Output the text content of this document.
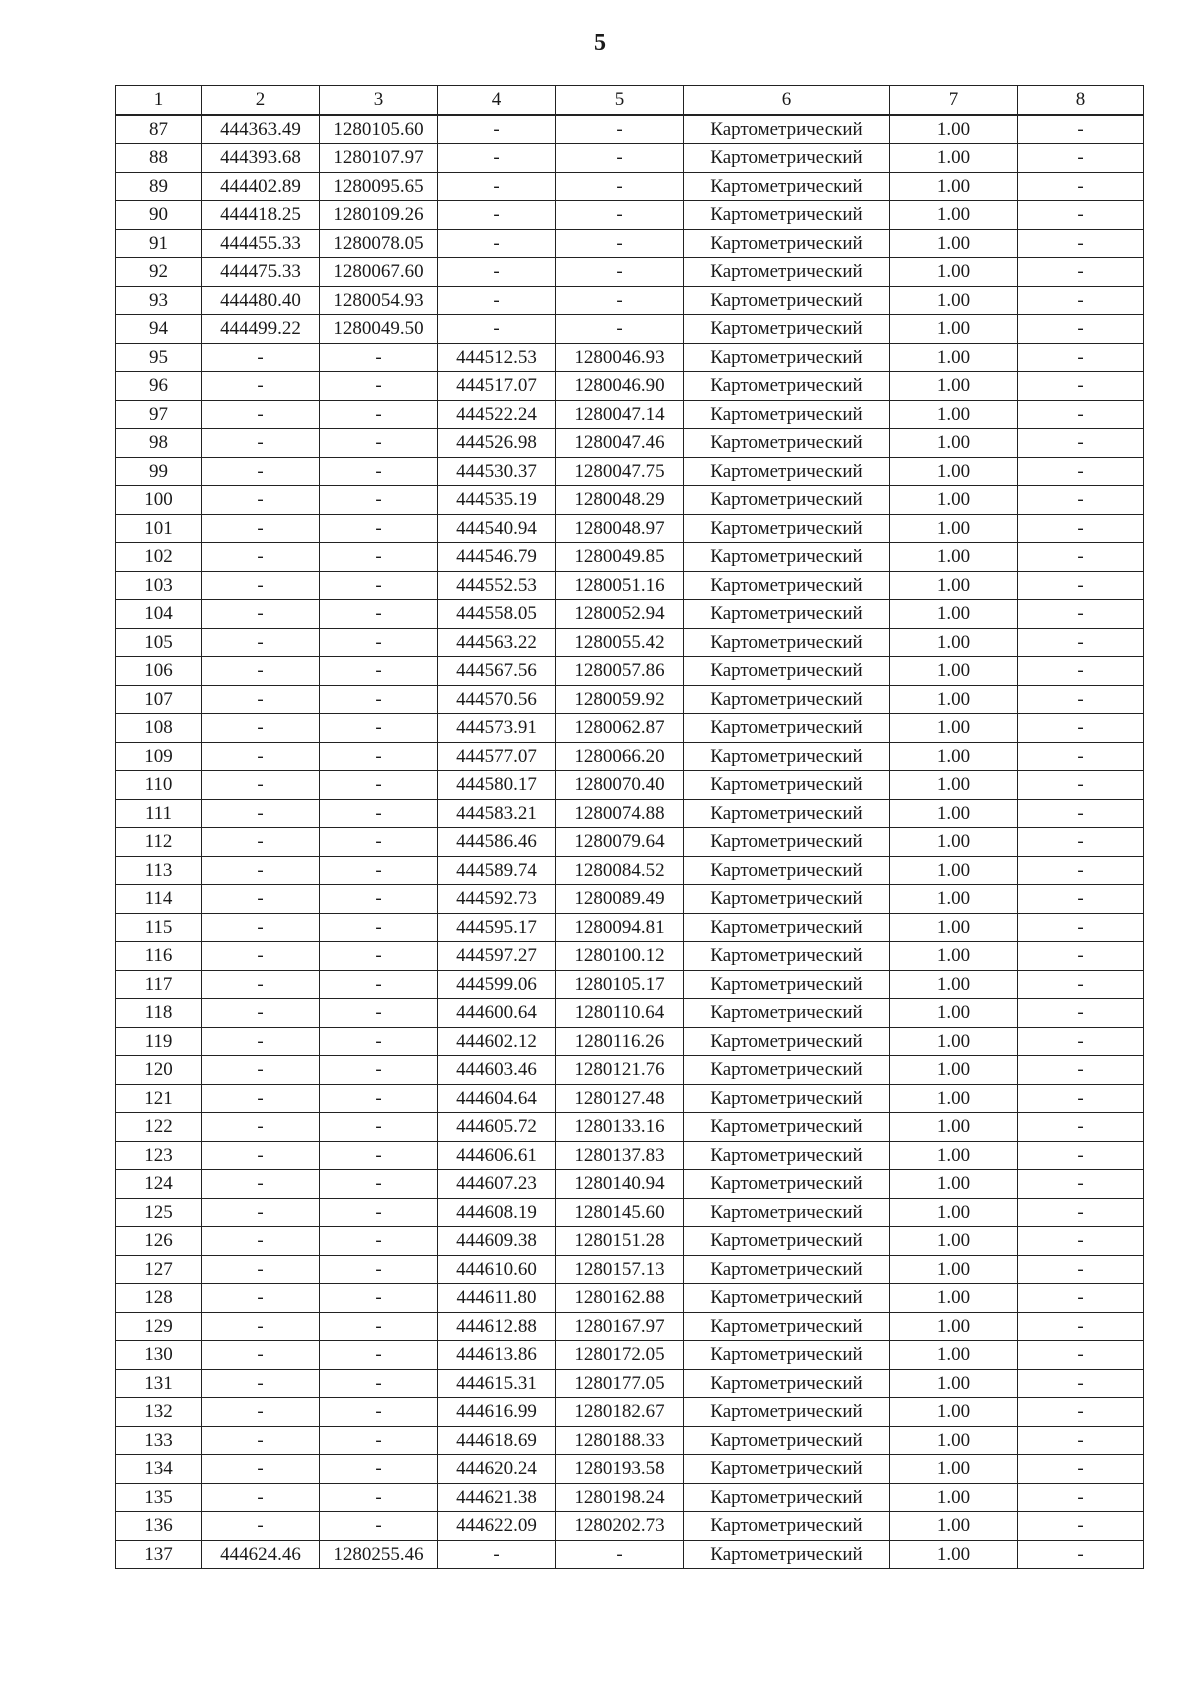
5
1	2	3	4	5	6	7	8
87	444363.49	1280105.60	-	-	Картометрический	1.00	-
88	444393.68	1280107.97	-	-	Картометрический	1.00	-
89	444402.89	1280095.65	-	-	Картометрический	1.00	-
90	444418.25	1280109.26	-	-	Картометрический	1.00	-
91	444455.33	1280078.05	-	-	Картометрический	1.00	-
92	444475.33	1280067.60	-	-	Картометрический	1.00	-
93	444480.40	1280054.93	-	-	Картометрический	1.00	-
94	444499.22	1280049.50	-	-	Картометрический	1.00	-
95	-	-	444512.53	1280046.93	Картометрический	1.00	-
96	-	-	444517.07	1280046.90	Картометрический	1.00	-
97	-	-	444522.24	1280047.14	Картометрический	1.00	-
98	-	-	444526.98	1280047.46	Картометрический	1.00	-
99	-	-	444530.37	1280047.75	Картометрический	1.00	-
100	-	-	444535.19	1280048.29	Картометрический	1.00	-
101	-	-	444540.94	1280048.97	Картометрический	1.00	-
102	-	-	444546.79	1280049.85	Картометрический	1.00	-
103	-	-	444552.53	1280051.16	Картометрический	1.00	-
104	-	-	444558.05	1280052.94	Картометрический	1.00	-
105	-	-	444563.22	1280055.42	Картометрический	1.00	-
106	-	-	444567.56	1280057.86	Картометрический	1.00	-
107	-	-	444570.56	1280059.92	Картометрический	1.00	-
108	-	-	444573.91	1280062.87	Картометрический	1.00	-
109	-	-	444577.07	1280066.20	Картометрический	1.00	-
110	-	-	444580.17	1280070.40	Картометрический	1.00	-
111	-	-	444583.21	1280074.88	Картометрический	1.00	-
112	-	-	444586.46	1280079.64	Картометрический	1.00	-
113	-	-	444589.74	1280084.52	Картометрический	1.00	-
114	-	-	444592.73	1280089.49	Картометрический	1.00	-
115	-	-	444595.17	1280094.81	Картометрический	1.00	-
116	-	-	444597.27	1280100.12	Картометрический	1.00	-
117	-	-	444599.06	1280105.17	Картометрический	1.00	-
118	-	-	444600.64	1280110.64	Картометрический	1.00	-
119	-	-	444602.12	1280116.26	Картометрический	1.00	-
120	-	-	444603.46	1280121.76	Картометрический	1.00	-
121	-	-	444604.64	1280127.48	Картометрический	1.00	-
122	-	-	444605.72	1280133.16	Картометрический	1.00	-
123	-	-	444606.61	1280137.83	Картометрический	1.00	-
124	-	-	444607.23	1280140.94	Картометрический	1.00	-
125	-	-	444608.19	1280145.60	Картометрический	1.00	-
126	-	-	444609.38	1280151.28	Картометрический	1.00	-
127	-	-	444610.60	1280157.13	Картометрический	1.00	-
128	-	-	444611.80	1280162.88	Картометрический	1.00	-
129	-	-	444612.88	1280167.97	Картометрический	1.00	-
130	-	-	444613.86	1280172.05	Картометрический	1.00	-
131	-	-	444615.31	1280177.05	Картометрический	1.00	-
132	-	-	444616.99	1280182.67	Картометрический	1.00	-
133	-	-	444618.69	1280188.33	Картометрический	1.00	-
134	-	-	444620.24	1280193.58	Картометрический	1.00	-
135	-	-	444621.38	1280198.24	Картометрический	1.00	-
136	-	-	444622.09	1280202.73	Картометрический	1.00	-
137	444624.46	1280255.46	-	-	Картометрический	1.00	-
